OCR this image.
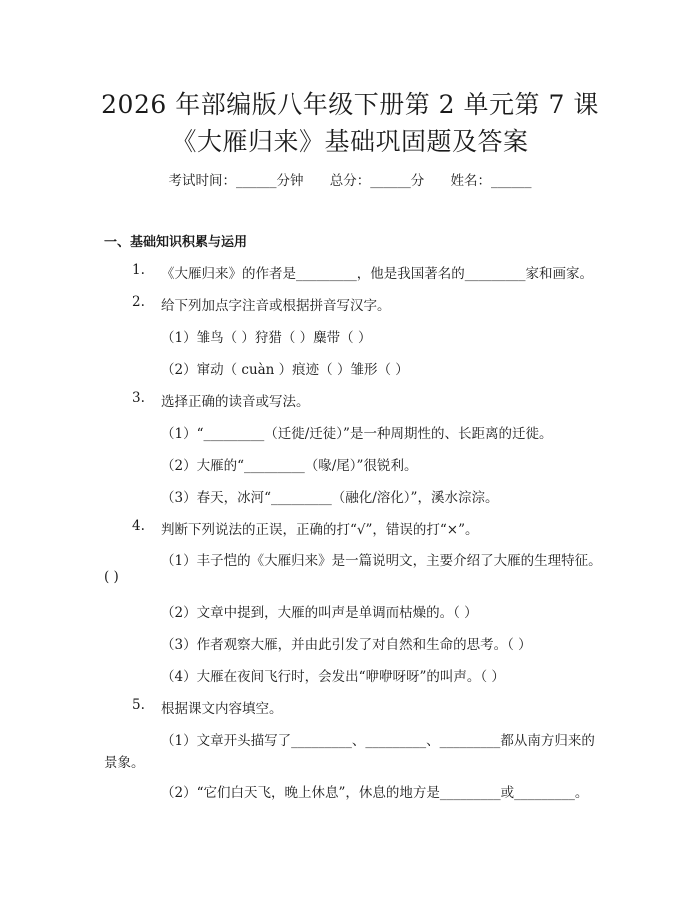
2026 年部编版八年级下册第 2 单元第 7 课
《大雁归来》基础巩固题及答案
考试时间：______分钟 总分：______分 姓名：______
一、基础知识积累与运用
1. 《大雁归来》的作者是_________，他是我国著名的_________家和画家。
2. 给下列加点字注音或根据拼音写汉字。
（1）雏鸟（ ）狩猎（ ）麋带（ ）
（2）窜动（ cuàn ）痕迹（ ）雏形（ ）
3. 选择正确的读音或写法。
（1）“_________（迁徙/迁徒）”是一种周期性的、长距离的迁徙。
（2）大雁的“_________（喙/尾）”很锐利。
（3）春天，冰河“_________（融化/溶化）”，溪水淙淙。
4. 判断下列说法的正误，正确的打“√”，错误的打“×”。
（1）丰子恺的《大雁归来》是一篇说明文，主要介绍了大雁的生理特征。
( )
（2）文章中提到，大雁的叫声是单调而枯燥的。（ ）
（3）作者观察大雁，并由此引发了对自然和生命的思考。（ ）
（4）大雁在夜间飞行时，会发出“咿咿呀呀”的叫声。（ ）
5. 根据课文内容填空。
（1）文章开头描写了_________、_________、_________都从南方归来的
景象。
（2）“它们白天飞，晚上休息”，休息的地方是_________或_________。
